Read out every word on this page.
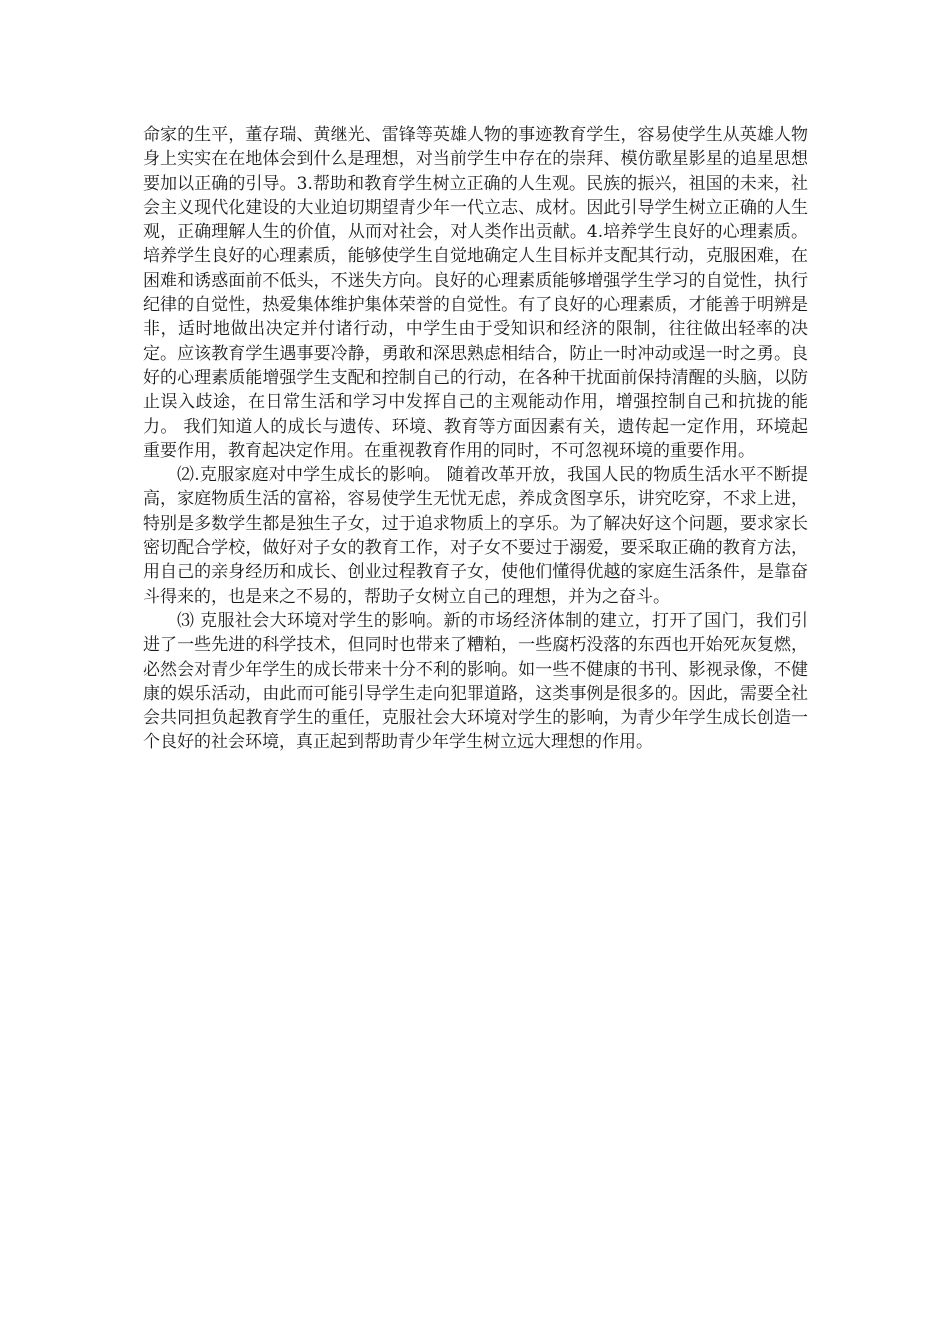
命家的生平，董存瑞、黄继光、雷锋等英雄人物的事迹教育学生，容易使学生从英雄人物身上实实在在地体会到什么是理想，对当前学生中存在的崇拜、模仿歌星影星的追星思想要加以正确的引导。3.帮助和教育学生树立正确的人生观。民族的振兴，祖国的未来，社会主义现代化建设的大业迫切期望青少年一代立志、成材。因此引导学生树立正确的人生观，正确理解人生的价值，从而对社会，对人类作出贡献。4.培养学生良好的心理素质。培养学生良好的心理素质，能够使学生自觉地确定人生目标并支配其行动，克服困难，在困难和诱惑面前不低头，不迷失方向。良好的心理素质能够增强学生学习的自觉性，执行纪律的自觉性，热爱集体维护集体荣誉的自觉性。有了良好的心理素质，才能善于明辨是非，适时地做出决定并付诸行动，中学生由于受知识和经济的限制，往往做出轻率的决定。应该教育学生遇事要冷静，勇敢和深思熟虑相结合，防止一时冲动或逞一时之勇。良好的心理素质能增强学生支配和控制自己的行动，在各种干扰面前保持清醒的头脑，以防止误入歧途，在日常生活和学习中发挥自己的主观能动作用，增强控制自己和抗拢的能力。 我们知道人的成长与遗传、环境、教育等方面因素有关，遗传起一定作用，环境起重要作用，教育起决定作用。在重视教育作用的同时，不可忽视环境的重要作用。

⑵.克服家庭对中学生成长的影响。 随着改革开放，我国人民的物质生活水平不断提高，家庭物质生活的富裕，容易使学生无忧无虑，养成贪图享乐，讲究吃穿，不求上进，特别是多数学生都是独生子女，过于追求物质上的享乐。为了解决好这个问题，要求家长密切配合学校，做好对子女的教育工作，对子女不要过于溺爱，要采取正确的教育方法，用自己的亲身经历和成长、创业过程教育子女，使他们懂得优越的家庭生活条件，是靠奋斗得来的，也是来之不易的，帮助子女树立自己的理想，并为之奋斗。

⑶ 克服社会大环境对学生的影响。新的市场经济体制的建立，打开了国门，我们引进了一些先进的科学技术，但同时也带来了糟粕，一些腐朽没落的东西也开始死灰复燃，必然会对青少年学生的成长带来十分不利的影响。如一些不健康的书刊、影视录像，不健康的娱乐活动，由此而可能引导学生走向犯罪道路，这类事例是很多的。因此，需要全社会共同担负起教育学生的重任，克服社会大环境对学生的影响，为青少年学生成长创造一个良好的社会环境，真正起到帮助青少年学生树立远大理想的作用。
